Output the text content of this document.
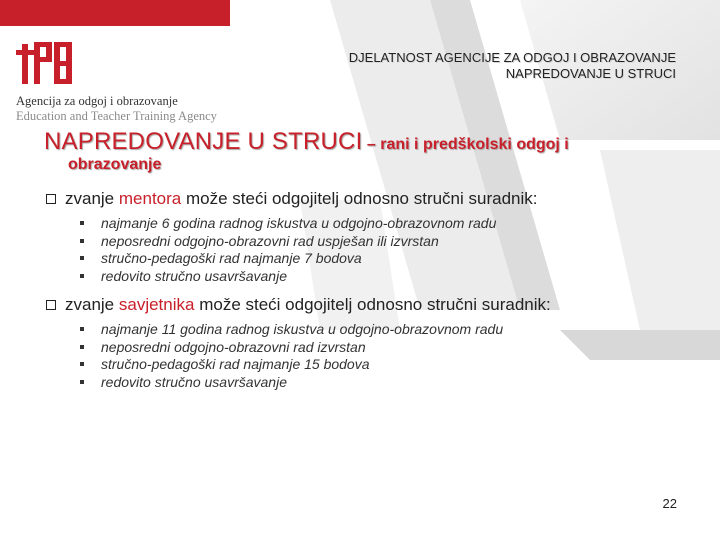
Agencija za odgoj i obrazovanje
Education and Teacher Training Agency
DJELATNOST AGENCIJE ZA ODGOJ I OBRAZOVANJE
NAPREDOVANJE U STRUCI
NAPREDOVANJE U STRUCI – rani i predškolski odgoj i
obrazovanje
zvanje mentora može steći odgojitelj odnosno stručni suradnik:
najmanje 6 godina radnog iskustva u odgojno-obrazovnom radu
neposredni odgojno-obrazovni rad uspješan ili izvrstan
stručno-pedagoški rad najmanje 7 bodova
redovito stručno usavršavanje
zvanje savjetnika može steći odgojitelj odnosno stručni suradnik:
najmanje 11 godina radnog iskustva u odgojno-obrazovnom radu
neposredni odgojno-obrazovni rad izvrstan
stručno-pedagoški rad najmanje 15 bodova
redovito stručno usavršavanje
22
